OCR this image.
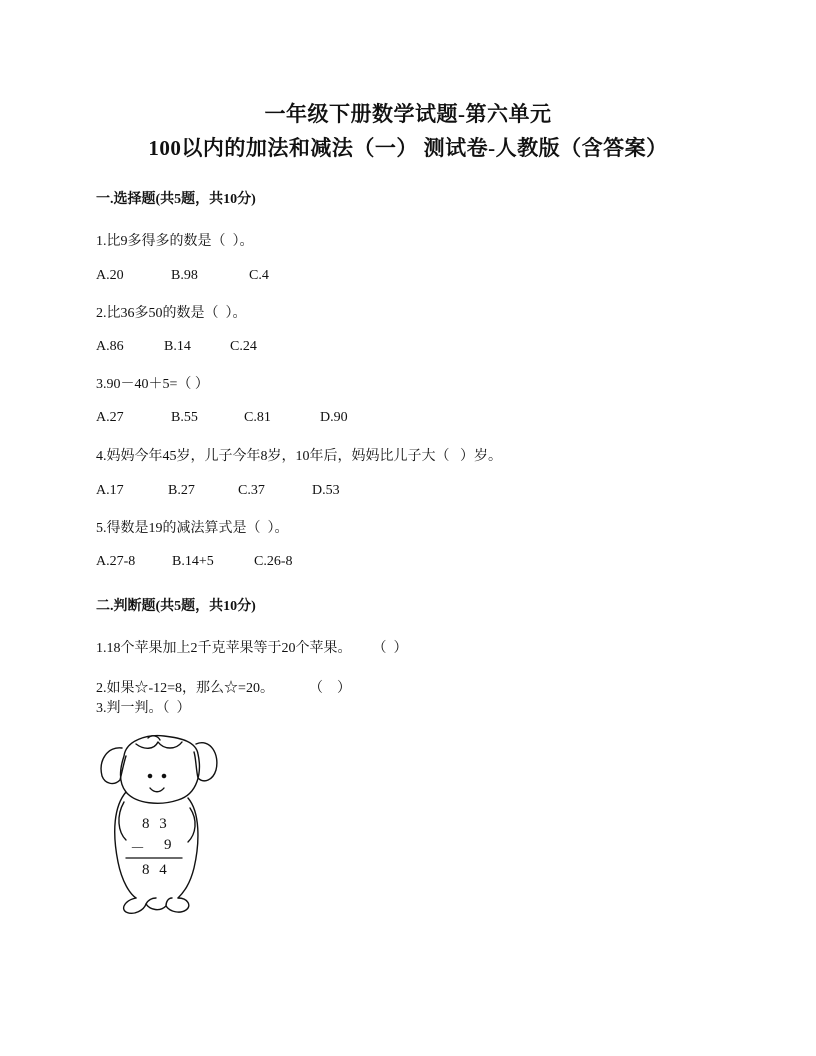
一年级下册数学试题-第六单元
100以内的加法和减法（一） 测试卷-人教版（含答案）
一.选择题(共5题，共10分)
1.比9多得多的数是（  ）。
A.20	B.98	C.4
2.比36多50的数是（  ）。
A.86	B.14	C.24
3.90－40＋5=（ ）
A.27	B.55	C.81	D.90
4.妈妈今年45岁，儿子今年8岁，10年后，妈妈比儿子大（   ）岁。
A.17	B.27	C.37	D.53
5.得数是19的减法算式是（  ）。
A.27-8	B.14+5	C.26-8
二.判断题(共5题，共10分)
1.18个苹果加上2千克苹果等于20个苹果。      （  ）
2.如果☆-12=8，那么☆=20。          （    ）
3.判一判。（  ）
8 3
－ 9
8 4
